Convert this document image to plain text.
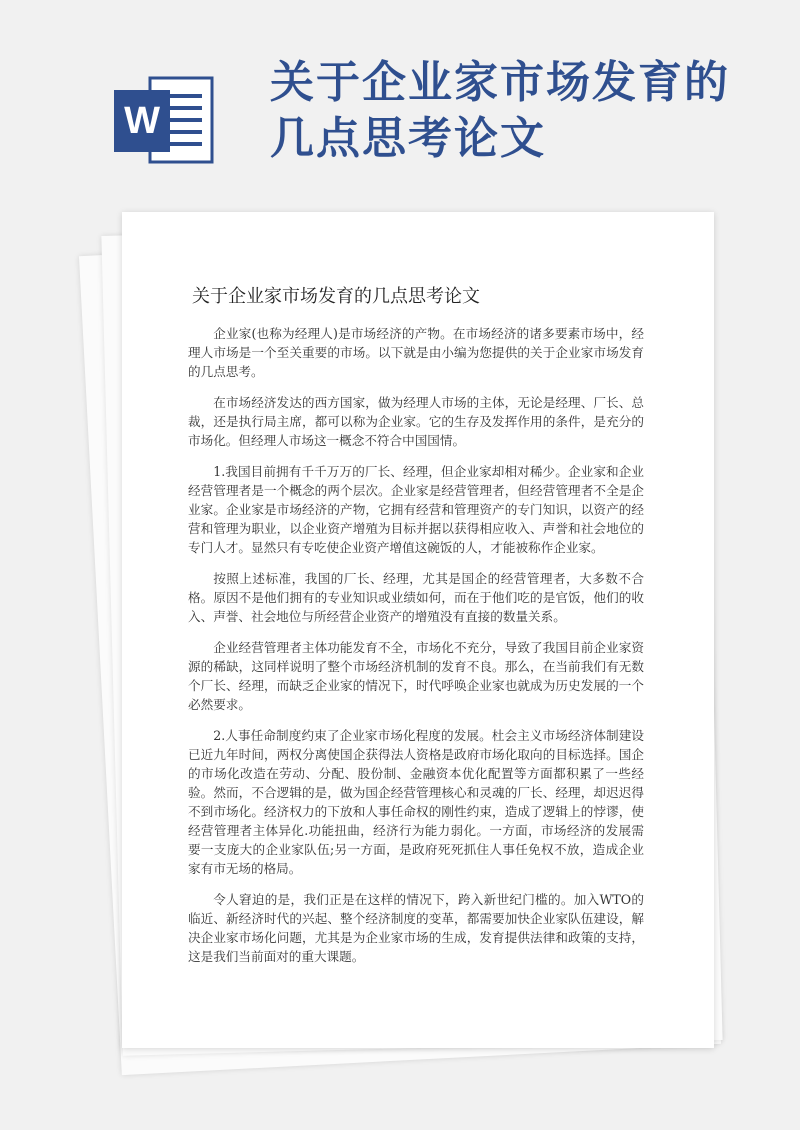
W
关于企业家市场发育的
几点思考论文
关于企业家市场发育的几点思考论文

企业家(也称为经理人)是市场经济的产物。在市场经济的诸多要素市场中，经理人市场是一个至关重要的市场。以下就是由小编为您提供的关于企业家市场发育的几点思考。

在市场经济发达的西方国家，做为经理人市场的主体，无论是经理、厂长、总裁，还是执行局主席，都可以称为企业家。它的生存及发挥作用的条件，是充分的市场化。但经理人市场这一概念不符合中国国情。

1.我国目前拥有千千万万的厂长、经理，但企业家却相对稀少。企业家和企业经营管理者是一个概念的两个层次。企业家是经营管理者，但经营管理者不全是企业家。企业家是市场经济的产物，它拥有经营和管理资产的专门知识，以资产的经营和管理为职业，以企业资产增殖为目标并据以获得相应收入、声誉和社会地位的专门人才。显然只有专吃使企业资产增值这碗饭的人，才能被称作企业家。

按照上述标准，我国的厂长、经理，尤其是国企的经营管理者，大多数不合格。原因不是他们拥有的专业知识或业绩如何，而在于他们吃的是官饭，他们的收入、声誉、社会地位与所经营企业资产的增殖没有直接的数量关系。

企业经营管理者主体功能发育不全，市场化不充分，导致了我国目前企业家资源的稀缺，这同样说明了整个市场经济机制的发育不良。那么，在当前我们有无数个厂长、经理，而缺乏企业家的情况下，时代呼唤企业家也就成为历史发展的一个必然要求。

2.人事任命制度约束了企业家市场化程度的发展。杜会主义市场经济体制建设已近九年时间，两权分离使国企获得法人资格是政府市场化取向的目标选择。国企的市场化改造在劳动、分配、股份制、金融资本优化配置等方面都积累了一些经验。然而，不合逻辑的是，做为国企经营管理核心和灵魂的厂长、经理，却迟迟得不到市场化。经济权力的下放和人事任命权的刚性约束，造成了逻辑上的悖谬，使经营管理者主体异化.功能扭曲，经济行为能力弱化。一方面，市场经济的发展需要一支庞大的企业家队伍;另一方面，是政府死死抓住人事任免权不放，造成企业家有市无场的格局。

令人窘迫的是，我们正是在这样的情况下，跨入新世纪门槛的。加入WTO的临近、新经济时代的兴起、整个经济制度的变革，都需要加快企业家队伍建设，解决企业家市场化问题，尤其是为企业家市场的生成，发育提供法律和政策的支持，这是我们当前面对的重大课题。
